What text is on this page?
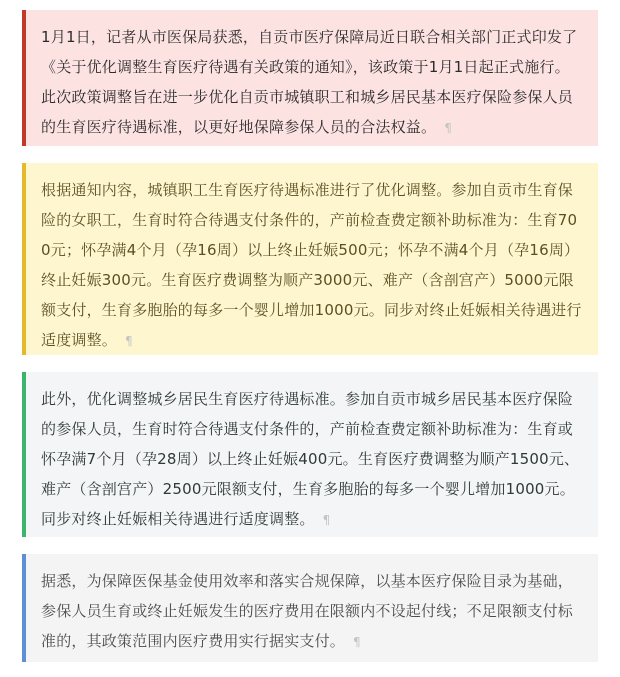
1月1日，记者从市医保局获悉，自贡市医疗保障局近日联合相关部门正式印发了《关于优化调整生育医疗待遇有关政策的通知》，该政策于1月1日起正式施行。此次政策调整旨在进一步优化自贡市城镇职工和城乡居民基本医疗保险参保人员的生育医疗待遇标准，以更好地保障参保人员的合法权益。 ¶
根据通知内容，城镇职工生育医疗待遇标准进行了优化调整。参加自贡市生育保险的女职工，生育时符合待遇支付条件的，产前检查费定额补助标准为：生育700元；怀孕满4个月（孕16周）以上终止妊娠500元；怀孕不满4个月（孕16周）终止妊娠300元。生育医疗费调整为顺产3000元、难产（含剖宫产）5000元限额支付，生育多胞胎的每多一个婴儿增加1000元。同步对终止妊娠相关待遇进行适度调整。 ¶
此外，优化调整城乡居民生育医疗待遇标准。参加自贡市城乡居民基本医疗保险的参保人员，生育时符合待遇支付条件的，产前检查费定额补助标准为：生育或怀孕满7个月（孕28周）以上终止妊娠400元。生育医疗费调整为顺产1500元、难产（含剖宫产）2500元限额支付，生育多胞胎的每多一个婴儿增加1000元。同步对终止妊娠相关待遇进行适度调整。 ¶
据悉，为保障医保基金使用效率和落实合规保障，以基本医疗保险目录为基础，参保人员生育或终止妊娠发生的医疗费用在限额内不设起付线；不足限额支付标准的，其政策范围内医疗费用实行据实支付。 ¶
